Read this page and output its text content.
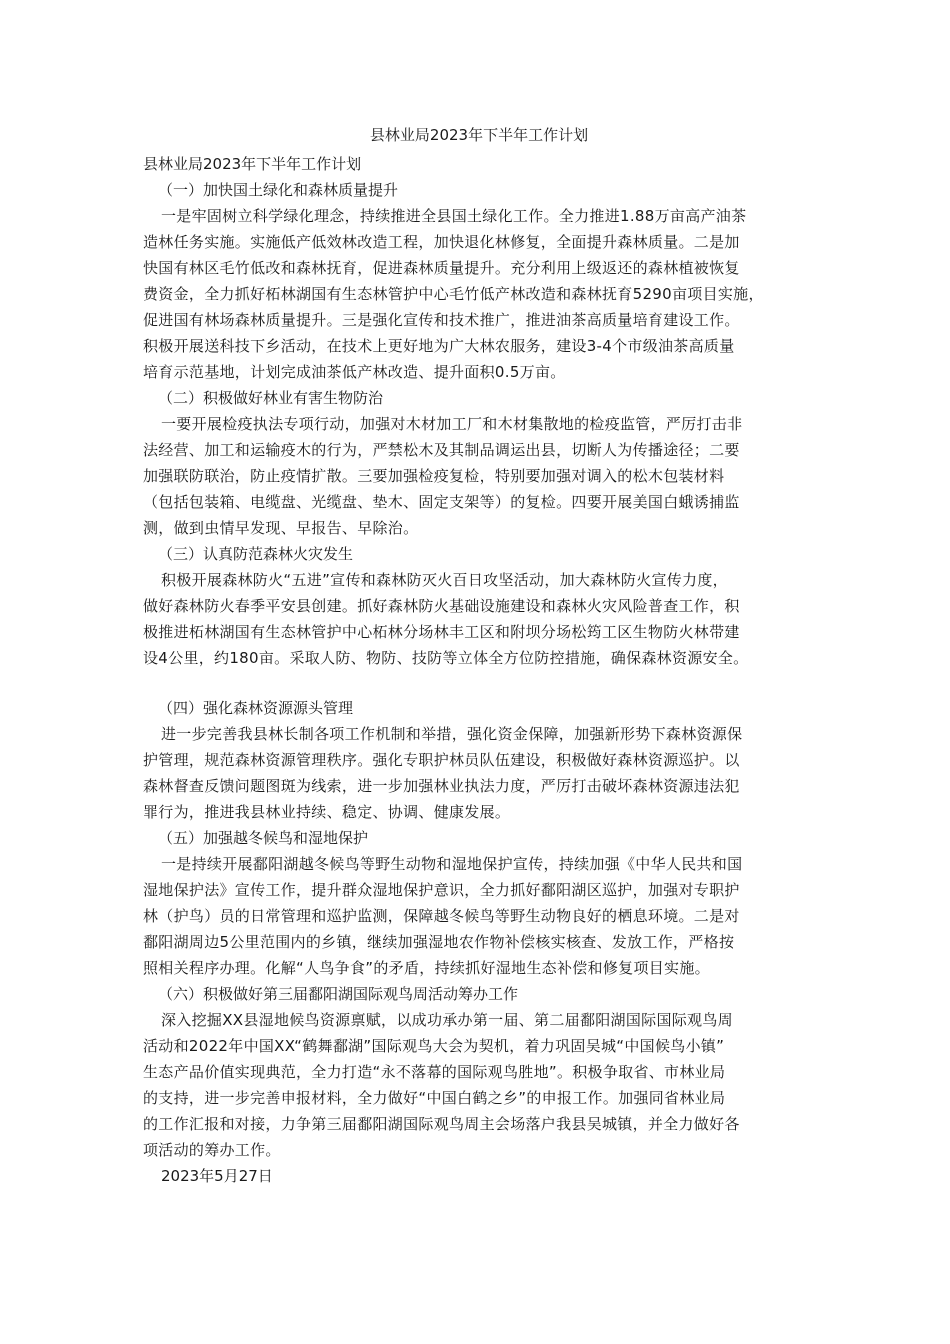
县林业局2023年下半年工作计划

县林业局2023年下半年工作计划

（一）加快国土绿化和森林质量提升

一是牢固树立科学绿化理念，持续推进全县国土绿化工作。全力推进1.88万亩高产油茶
造林任务实施。实施低产低效林改造工程，加快退化林修复，全面提升森林质量。二是加
快国有林区毛竹低改和森林抚育，促进森林质量提升。充分利用上级返还的森林植被恢复
费资金，全力抓好柘林湖国有生态林管护中心毛竹低产林改造和森林抚育5290亩项目实施，
促进国有林场森林质量提升。三是强化宣传和技术推广，推进油茶高质量培育建设工作。
积极开展送科技下乡活动，在技术上更好地为广大林农服务，建设3-4个市级油茶高质量
培育示范基地，计划完成油茶低产林改造、提升面积0.5万亩。

（二）积极做好林业有害生物防治

一要开展检疫执法专项行动，加强对木材加工厂和木材集散地的检疫监管，严厉打击非
法经营、加工和运输疫木的行为，严禁松木及其制品调运出县，切断人为传播途径；二要
加强联防联治，防止疫情扩散。三要加强检疫复检，特别要加强对调入的松木包装材料
（包括包装箱、电缆盘、光缆盘、垫木、固定支架等）的复检。四要开展美国白蛾诱捕监
测，做到虫情早发现、早报告、早除治。

（三）认真防范森林火灾发生

积极开展森林防火“五进”宣传和森林防灭火百日攻坚活动，加大森林防火宣传力度，
做好森林防火春季平安县创建。抓好森林防火基础设施建设和森林火灾风险普查工作，积
极推进柘林湖国有生态林管护中心柘林分场林丰工区和附坝分场松筠工区生物防火林带建
设4公里，约180亩。采取人防、物防、技防等立体全方位防控措施，确保森林资源安全。

（四）强化森林资源源头管理

进一步完善我县林长制各项工作机制和举措，强化资金保障，加强新形势下森林资源保
护管理，规范森林资源管理秩序。强化专职护林员队伍建设，积极做好森林资源巡护。以
森林督查反馈问题图斑为线索，进一步加强林业执法力度，严厉打击破坏森林资源违法犯
罪行为，推进我县林业持续、稳定、协调、健康发展。

（五）加强越冬候鸟和湿地保护

一是持续开展鄱阳湖越冬候鸟等野生动物和湿地保护宣传，持续加强《中华人民共和国
湿地保护法》宣传工作，提升群众湿地保护意识，全力抓好鄱阳湖区巡护，加强对专职护
林（护鸟）员的日常管理和巡护监测，保障越冬候鸟等野生动物良好的栖息环境。二是对
鄱阳湖周边5公里范围内的乡镇，继续加强湿地农作物补偿核实核查、发放工作，严格按
照相关程序办理。化解“人鸟争食”的矛盾，持续抓好湿地生态补偿和修复项目实施。

（六）积极做好第三届鄱阳湖国际观鸟周活动筹办工作

深入挖掘XX县湿地候鸟资源禀赋，以成功承办第一届、第二届鄱阳湖国际国际观鸟周
活动和2022年中国XX“鹤舞鄱湖”国际观鸟大会为契机，着力巩固吴城“中国候鸟小镇”
生态产品价值实现典范，全力打造“永不落幕的国际观鸟胜地”。积极争取省、市林业局
的支持，进一步完善申报材料，全力做好“中国白鹤之乡”的申报工作。加强同省林业局
的工作汇报和对接，力争第三届鄱阳湖国际观鸟周主会场落户我县吴城镇，并全力做好各
项活动的筹办工作。

2023年5月27日
